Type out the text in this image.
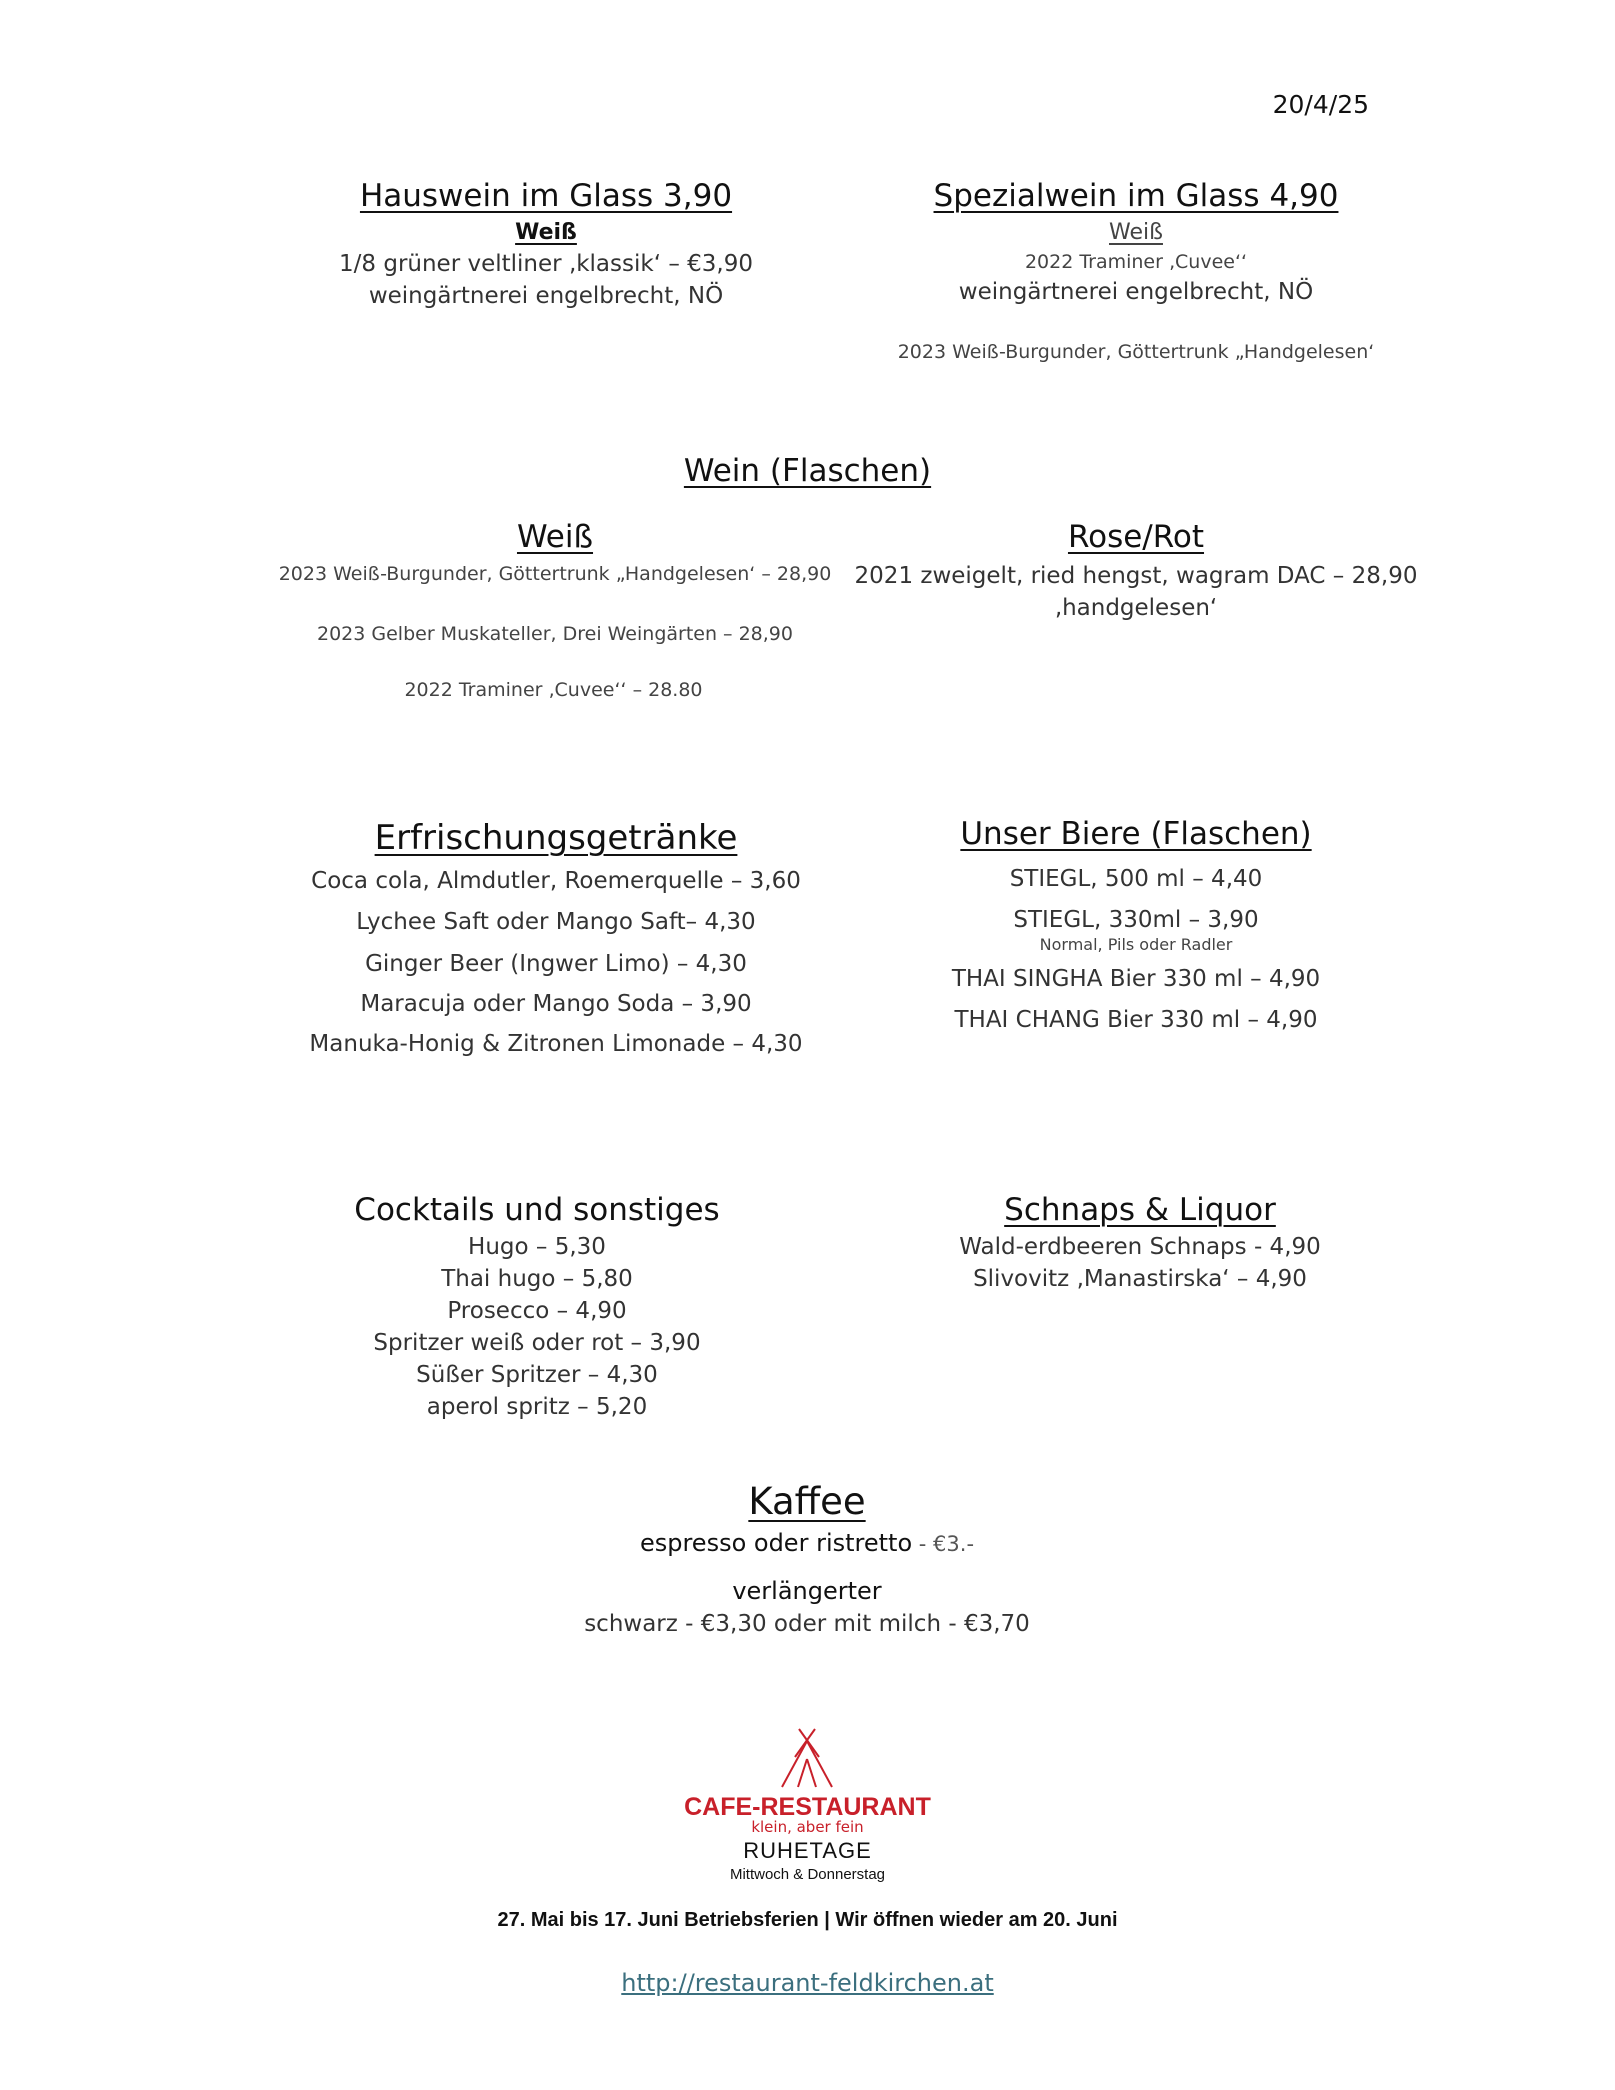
20/4/25
Hauswein im Glass 3,90
Weiß
1/8 grüner veltliner ‚klassik‘ – €3,90
weingärtnerei engelbrecht, NÖ
Spezialwein im Glass 4,90
Weiß
2022 Traminer ‚Cuvee‘‘
weingärtnerei engelbrecht, NÖ
2023 Weiß-Burgunder, Göttertrunk „Handgelesen‘
Wein (Flaschen)
Weiß
2023 Weiß-Burgunder, Göttertrunk „Handgelesen‘ – 28,90
2023 Gelber Muskateller, Drei Weingärten – 28,90
2022 Traminer ‚Cuvee‘‘ – 28.80
Rose/Rot
2021 zweigelt, ried hengst, wagram DAC – 28,90
‚handgelesen‘
Erfrischungsgetränke
Coca cola, Almdutler, Roemerquelle – 3,60
Lychee Saft oder Mango Saft– 4,30
Ginger Beer (Ingwer Limo) – 4,30
Maracuja oder Mango Soda – 3,90
Manuka-Honig & Zitronen Limonade – 4,30
Unser Biere (Flaschen)
STIEGL, 500 ml – 4,40
STIEGL, 330ml – 3,90
Normal, Pils oder Radler
THAI SINGHA Bier 330 ml – 4,90
THAI CHANG Bier 330 ml – 4,90
Cocktails und sonstiges
Hugo – 5,30
Thai hugo – 5,80
Prosecco – 4,90
Spritzer weiß oder rot – 3,90
Süßer Spritzer – 4,30
aperol spritz – 5,20
Schnaps & Liquor
Wald-erdbeeren Schnaps - 4,90
Slivovitz ‚Manastirska‘ – 4,90
Kaffee
espresso oder ristretto - €3.-
verlängerter
schwarz - €3,30 oder mit milch - €3,70
CAFE-RESTAURANT
klein, aber fein
RUHETAGE
Mittwoch & Donnerstag
27. Mai bis 17. Juni Betriebsferien | Wir öffnen wieder am 20. Juni
http://restaurant-feldkirchen.at
